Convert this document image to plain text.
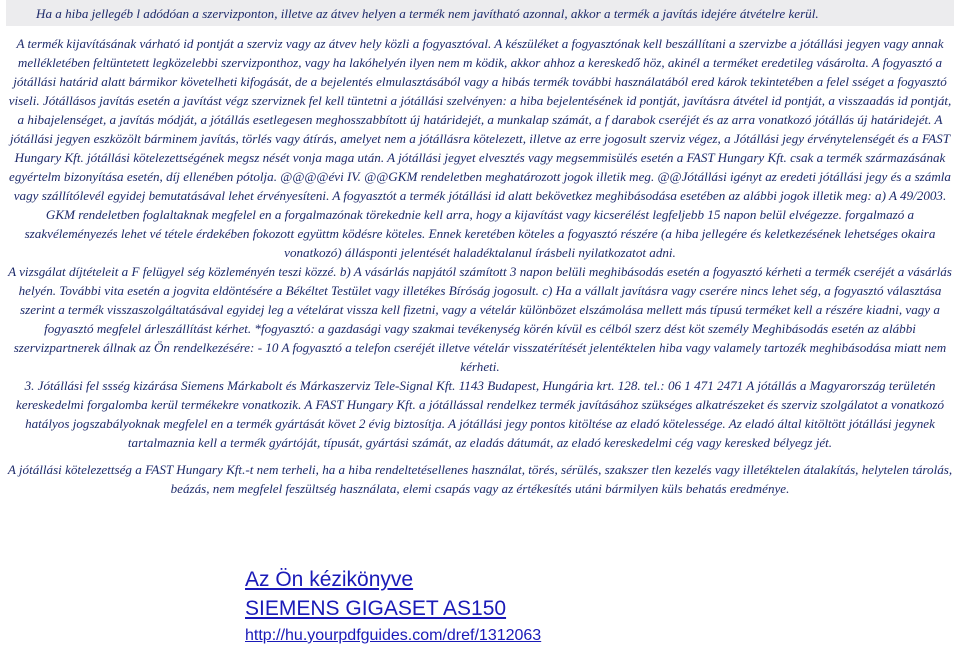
Ha a hiba jellegéb l adódóan a szervizponton, illetve az átvev helyen a termék nem javítható azonnal, akkor a termék a javítás idejére átvételre kerül.

A termék kijavításának várható id pontját a szerviz vagy az átvev hely közli a fogyasztóval. A készüléket a fogyasztónak kell beszállítani a szervizbe a jótállási jegyen vagy annak mellékletében feltüntetett legközelebbi szervizponthoz, vagy ha lakóhelyén ilyen nem m ködik, akkor ahhoz a kereskedő höz, akinél a terméket eredetileg vásárolta. A fogyasztó a jótállási határid alatt bármikor követelheti kifogását, de a bejelentés elmulasztásából vagy a hibás termék további használatából ered károk tekintetében a felel sséget a fogyasztó viseli. Jótállásos javítás esetén a javítást végz szerviznek fel kell tüntetni a jótállási szelvényen: a hiba bejelentésének id pontját, javításra átvétel id pontját, a visszaadás id pontját, a hibajelenséget, a javítás módját, a jótállás esetlegesen meghosszabbított új határidejét, a munkalap számát, a f darabok cseréjét és az arra vonatkozó jótállás új határidejét. A jótállási jegyen eszközölt bárminem javítás, törlés vagy átírás, amelyet nem a jótállásra kötelezett, illetve az erre jogosult szerviz végez, a Jótállási jegy érvénytelenségét és a FAST Hungary Kft. jótállási kötelezettségének megsz nését vonja maga után. A jótállási jegyet elvesztés vagy megsemmisülés esetén a FAST Hungary Kft. csak a termék származásának egyértelm bizonyítása esetén, díj ellenében pótolja. @@@@évi IV. @@GKM rendeletben meghatározott jogok illetik meg. @@Jótállási igényt az eredeti jótállási jegy és a számla vagy szállítólevél egyidej bemutatásával lehet érvényesíteni. A fogyasztót a termék jótállási id alatt bekövetkez meghibásodása esetében az alábbi jogok illetik meg: a) A 49/2003. GKM rendeletben foglaltaknak megfelel en a forgalmazónak törekednie kell arra, hogy a kijavítást vagy kicserélést legfeljebb 15 napon belül elvégezze. forgalmazó a szakvéleményezés lehet vé tétele érdekében fokozott együttm ködésre köteles. Ennek keretében köteles a fogyasztó részére (a hiba jellegére és keletkezésének lehetséges okaira vonatkozó) állásponti jelentését haladéktalanul írásbeli nyilatkozatot adni.

A vizsgálat díjtételeit a F felügyel ség közleményén teszi közzé. b) A vásárlás napjától számított 3 napon belüli meghibásodás esetén a fogyasztó kérheti a termék cseréjét a vásárlás helyén. További vita esetén a jogvita eldöntésére a Békéltet Testület vagy illetékes Bíróság jogosult. c) Ha a vállalt javításra vagy cserére nincs lehet ség, a fogyasztó választása szerint a termék visszaszolgáltatásával egyidej leg a vételárat vissza kell fizetni, vagy a vételár különbözet elszámolása mellett más típusú terméket kell a részére kiadni, vagy a fogyasztó megfelel árleszállítást kérhet. *fogyasztó: a gazdasági vagy szakmai tevékenység körén kívül es célból szerz dést köt személy Meghibásodás esetén az alábbi szervizpartnerek állnak az Ön rendelkezésére: - 10 A fogyasztó a telefon cseréjét illetve vételár visszatérítését jelentéktelen hiba vagy valamely tartozék meghibásodása miatt nem kérheti.

3. Jótállási fel ssség kizárása Siemens Márkabolt és Márkaszerviz Tele-Signal Kft. 1143 Budapest, Hungária krt. 128. tel.: 06 1 471 2471 A jótállás a Magyarország területén kereskedelmi forgalomba kerül termékekre vonatkozik. A FAST Hungary Kft. a jótállással rendelkez termék javításához szükséges alkatrészeket és szerviz szolgálatot a vonatkozó hatályos jogszabályoknak megfelel en a termék gyártását követ 2 évig biztosítja. A jótállási jegy pontos kitöltése az eladó kötelessége. Az eladó által kitöltött jótállási jegynek tartalmaznia kell a termék gyártóját, típusát, gyártási számát, az eladás dátumát, az eladó kereskedelmi cég vagy keresked bélyegz jét.

A jótállási kötelezettség a FAST Hungary Kft.-t nem terheli, ha a hiba rendeltetésellenes használat, törés, sérülés, szakszer tlen kezelés vagy illetéktelen átalakítás, helytelen tárolás, beázás, nem megfelel feszültség használata, elemi csapás vagy az értékesítés utáni bármilyen küls behatás eredménye.

Az Ön kézikönyve
SIEMENS GIGASET AS150
http://hu.yourpdfguides.com/dref/1312063
